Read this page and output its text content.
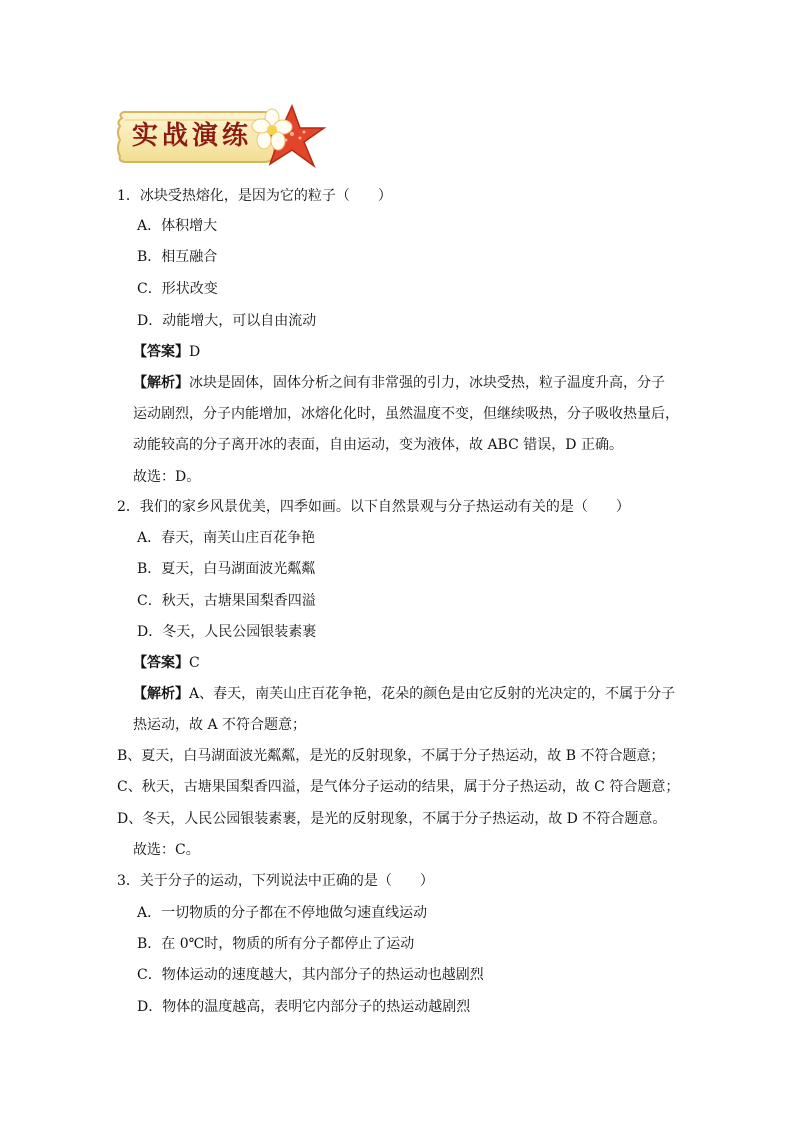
实战演练
1．冰块受热熔化，是因为它的粒子（　　）
A．体积增大
B．相互融合
C．形状改变
D．动能增大，可以自由流动
【答案】D
【解析】冰块是固体，固体分析之间有非常强的引力，冰块受热，粒子温度升高，分子
运动剧烈，分子内能增加，冰熔化化时，虽然温度不变，但继续吸热，分子吸收热量后，
动能较高的分子离开冰的表面，自由运动，变为液体，故 ABC 错误，D 正确。
故选：D。
2．我们的家乡风景优美，四季如画。以下自然景观与分子热运动有关的是（　　）
A．春天，南芙山庄百花争艳
B．夏天，白马湖面波光粼粼
C．秋天，古塘果国梨香四溢
D．冬天，人民公园银装素裹
【答案】C
【解析】A、春天，南芙山庄百花争艳，花朵的颜色是由它反射的光决定的，不属于分子
热运动，故 A 不符合题意；
B、夏天，白马湖面波光粼粼，是光的反射现象，不属于分子热运动，故 B 不符合题意；
C、秋天，古塘果国梨香四溢，是气体分子运动的结果，属于分子热运动，故 C 符合题意；
D、冬天，人民公园银装素裹，是光的反射现象，不属于分子热运动，故 D 不符合题意。
故选：C。
3．关于分子的运动，下列说法中正确的是（　　）
A．一切物质的分子都在不停地做匀速直线运动
B．在 0℃时，物质的所有分子都停止了运动
C．物体运动的速度越大，其内部分子的热运动也越剧烈
D．物体的温度越高，表明它内部分子的热运动越剧烈
